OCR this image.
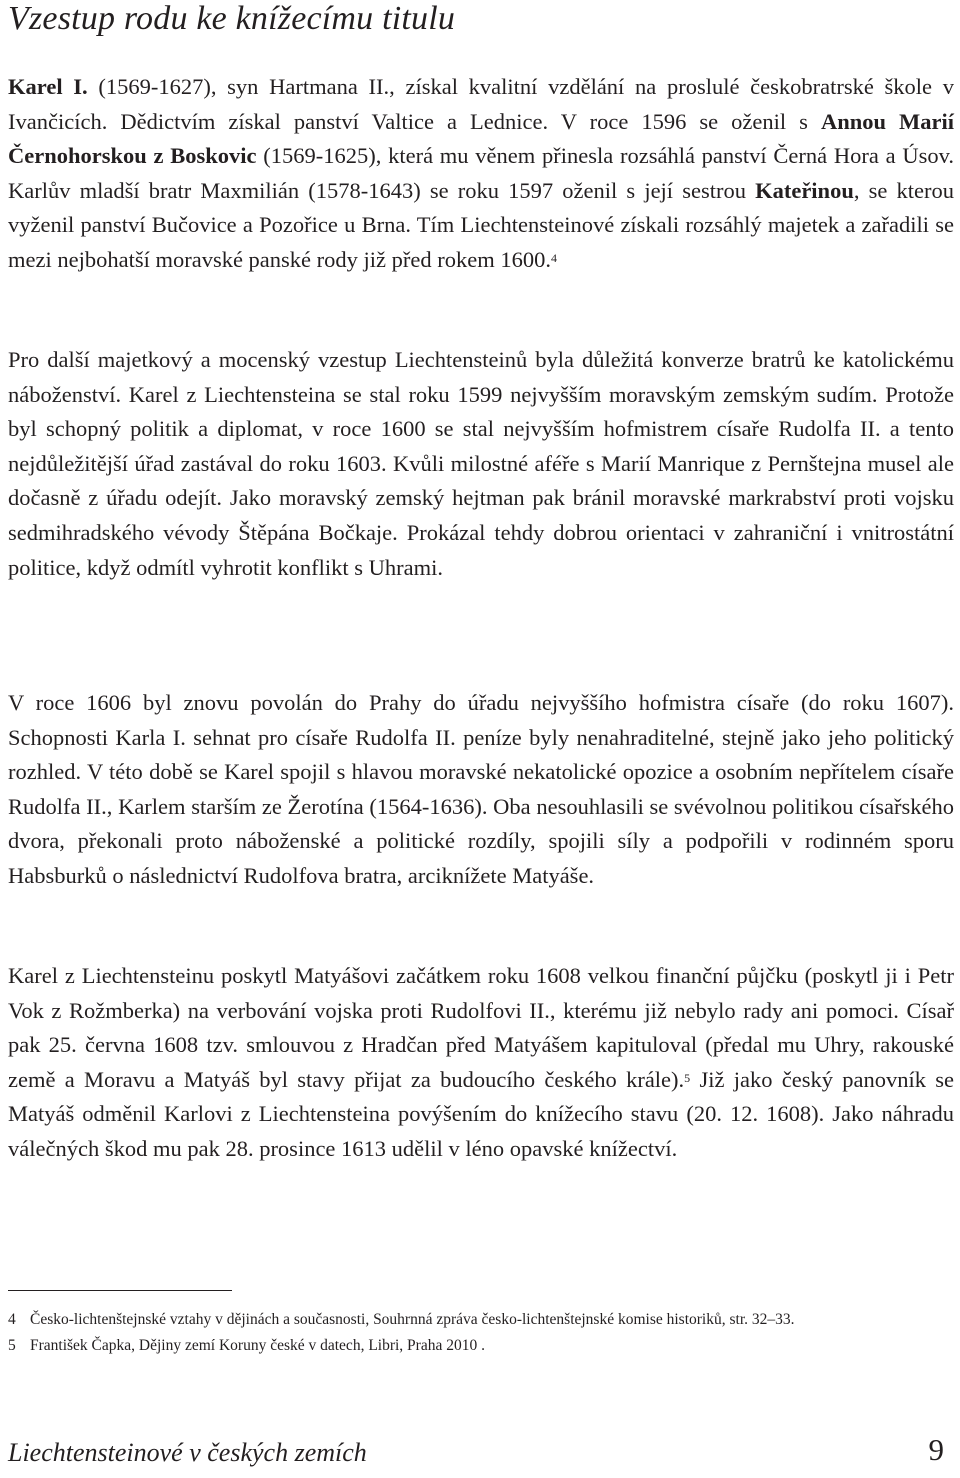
Vzestup rodu ke knížecímu titulu

Karel I. (1569-1627), syn Hartmana II., získal kvalitní vzdělání na proslulé českobratrské škole v Ivančicích. Dědictvím získal panství Valtice a Lednice. V roce 1596 se oženil s Annou Marií Černohorskou z Boskovic (1569-1625), která mu věnem přinesla rozsáhlá panství Černá Hora a Úsov. Karlův mladší bratr Maxmilián (1578-1643) se roku 1597 oženil s její sestrou Kateřinou, se kterou vyženil panství Bučovice a Pozořice u Brna. Tím Liechtensteinové získali rozsáhlý majetek a zařadili se mezi nejbohatší moravské panské rody již před rokem 1600.$^4$

Pro další majetkový a mocenský vzestup Liechtensteinů byla důležitá konverze bratrů ke katolickému náboženství. Karel z Liechtensteina se stal roku 1599 nejvyšším moravským zemským sudím. Protože byl schopný politik a diplomat, v roce 1600 se stal nejvyšším hofmistrem císaře Rudolfa II. a tento nejdůležitější úřad zastával do roku 1603. Kvůli milostné aféře s Marií Manrique z Pernštejna musel ale dočasně z úřadu odejít. Jako moravský zemský hejtman pak bránil moravské markrabství proti vojsku sedmihradského vévody Štěpána Bočkaje. Prokázal tehdy dobrou orientaci v zahraniční i vnitrostátní politice, když odmítl vyhrotit konflikt s Uhrami.

V roce 1606 byl znovu povolán do Prahy do úřadu nejvyššího hofmistra císaře (do roku 1607). Schopnosti Karla I. sehnat pro císaře Rudolfa II. peníze byly nenahraditelné, stejně jako jeho politický rozhled. V této době se Karel spojil s hlavou moravské nekatolické opozice a osobním nepřítelem císaře Rudolfa II., Karlem starším ze Žerotína (1564-1636). Oba nesouhlasili se svévolnou politikou císařského dvora, překonali proto náboženské a politické rozdíly, spojili síly a podpořili v rodinném sporu Habsburků o následnictví Rudolfova bratra, arciknížete Matyáše.

Karel z Liechtensteinu poskytl Matyášovi začátkem roku 1608 velkou finanční půjčku (poskytl ji i Petr Vok z Rožmberka) na verbování vojska proti Rudolfovi II., kterému již nebylo rady ani pomoci. Císař pak 25. června 1608 tzv. smlouvou z Hradčan před Matyášem kapituloval (předal mu Uhry, rakouské země a Moravu a Matyáš byl stavy přijat za budoucího českého krále).$^5$ Již jako český panovník se Matyáš odměnil Karlovi z Liechtensteina povýšením do knížecího stavu (20. 12. 1608). Jako náhradu válečných škod mu pak 28. prosince 1613 udělil v léno opavské knížectví.

4 Česko-lichtenštejnské vztahy v dějinách a současnosti, Souhrnná zpráva česko-lichtenštejnské komise historiků, str. 32–33.

5 František Čapka, Dějiny zemí Koruny české v datech, Libri, Praha 2010 .

Liechtensteinové v českých zemích	9
